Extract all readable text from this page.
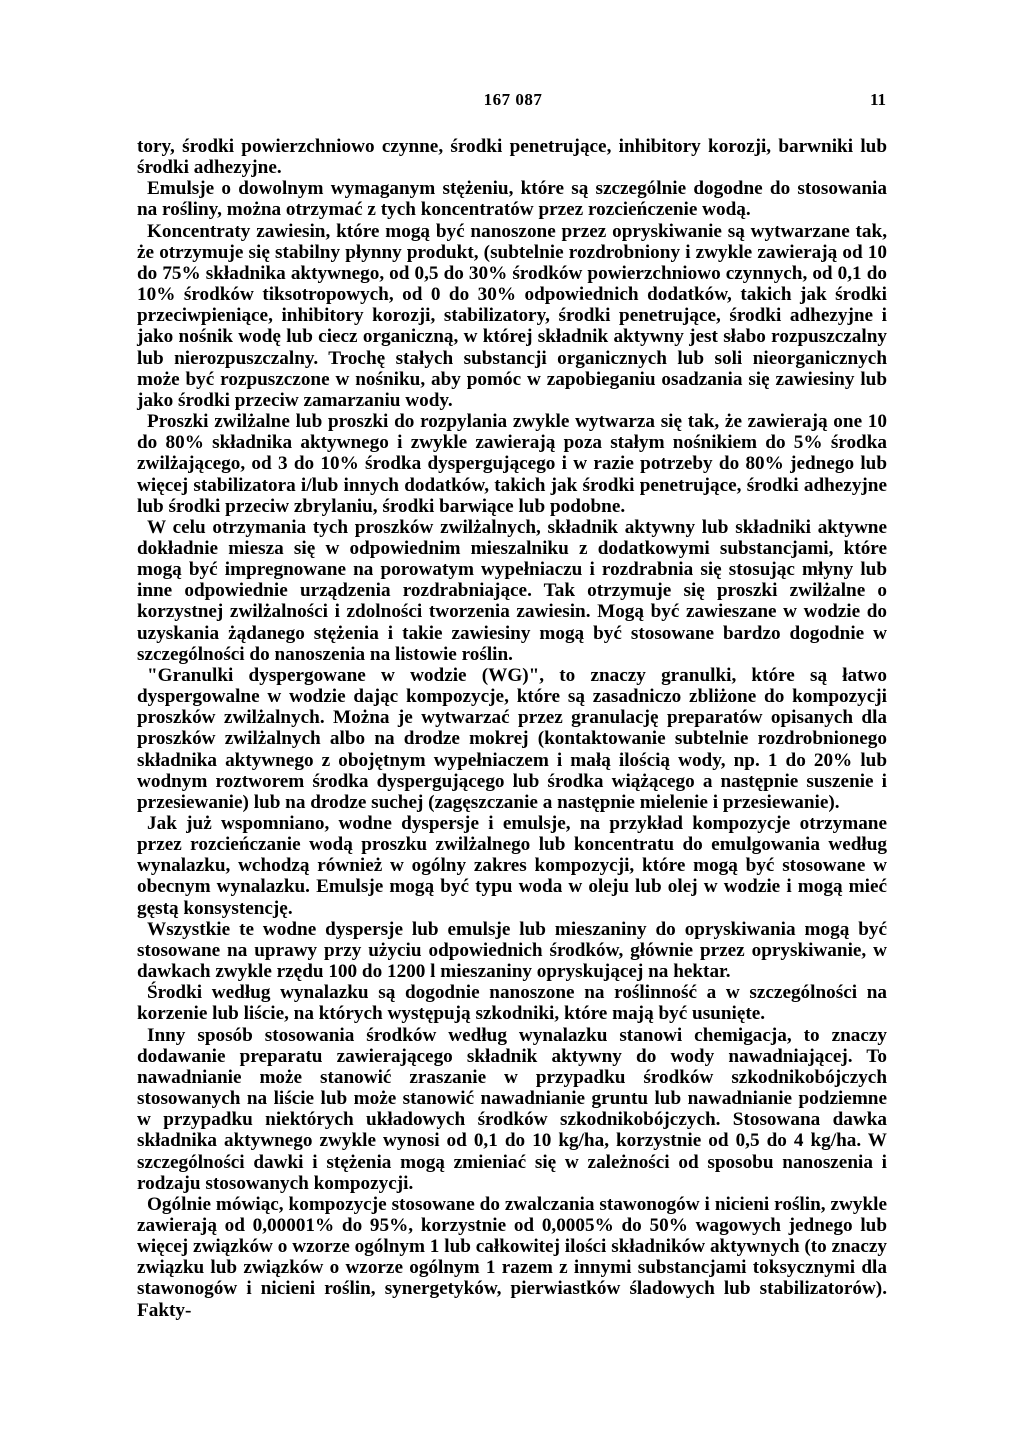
167 087	11

tory, środki powierzchniowo czynne, środki penetrujące, inhibitory korozji, barwniki lub środki adhezyjne.

Emulsje o dowolnym wymaganym stężeniu, które są szczególnie dogodne do stosowania na rośliny, można otrzymać z tych koncentratów przez rozcieńczenie wodą.

Koncentraty zawiesin, które mogą być nanoszone przez opryskiwanie są wytwarzane tak, że otrzymuje się stabilny płynny produkt, (subtelnie rozdrobniony i zwykle zawierają od 10 do 75% składnika aktywnego, od 0,5 do 30% środków powierzchniowo czynnych, od 0,1 do 10% środków tiksotropowych, od 0 do 30% odpowiednich dodatków, takich jak środki przeciwpieniące, inhibitory korozji, stabilizatory, środki penetrujące, środki adhezyjne i jako nośnik wodę lub ciecz organiczną, w której składnik aktywny jest słabo rozpuszczalny lub nierozpuszczalny. Trochę stałych substancji organicznych lub soli nieorganicznych może być rozpuszczone w nośniku, aby pomóc w zapobieganiu osadzania się zawiesiny lub jako środki przeciw zamarzaniu wody.

Proszki zwilżalne lub proszki do rozpylania zwykle wytwarza się tak, że zawierają one 10 do 80% składnika aktywnego i zwykle zawierają poza stałym nośnikiem do 5% środka zwilżającego, od 3 do 10% środka dyspergującego i w razie potrzeby do 80% jednego lub więcej stabilizatora i/lub innych dodatków, takich jak środki penetrujące, środki adhezyjne lub środki przeciw zbrylaniu, środki barwiące lub podobne.

W celu otrzymania tych proszków zwilżalnych, składnik aktywny lub składniki aktywne dokładnie miesza się w odpowiednim mieszalniku z dodatkowymi substancjami, które mogą być impregnowane na porowatym wypełniaczu i rozdrabnia się stosując młyny lub inne odpowiednie urządzenia rozdrabniające. Tak otrzymuje się proszki zwilżalne o korzystnej zwilżalności i zdolności tworzenia zawiesin. Mogą być zawieszane w wodzie do uzyskania żądanego stężenia i takie zawiesiny mogą być stosowane bardzo dogodnie w szczególności do nanoszenia na listowie roślin.

"Granulki dyspergowane w wodzie (WG)", to znaczy granulki, które są łatwo dyspergowalne w wodzie dając kompozycje, które są zasadniczo zbliżone do kompozycji proszków zwilżalnych. Można je wytwarzać przez granulację preparatów opisanych dla proszków zwilżalnych albo na drodze mokrej (kontaktowanie subtelnie rozdrobnionego składnika aktywnego z obojętnym wypełniaczem i małą ilością wody, np. 1 do 20% lub wodnym roztworem środka dyspergującego lub środka wiążącego a następnie suszenie i przesiewanie) lub na drodze suchej (zagęszczanie a następnie mielenie i przesiewanie).

Jak już wspomniano, wodne dyspersje i emulsje, na przykład kompozycje otrzymane przez rozcieńczanie wodą proszku zwilżalnego lub koncentratu do emulgowania według wynalazku, wchodzą również w ogólny zakres kompozycji, które mogą być stosowane w obecnym wynalazku. Emulsje mogą być typu woda w oleju lub olej w wodzie i mogą mieć gęstą konsystencję.

Wszystkie te wodne dyspersje lub emulsje lub mieszaniny do opryskiwania mogą być stosowane na uprawy przy użyciu odpowiednich środków, głównie przez opryskiwanie, w dawkach zwykle rzędu 100 do 1200 l mieszaniny opryskującej na hektar.

Środki według wynalazku są dogodnie nanoszone na roślinność a w szczególności na korzenie lub liście, na których występują szkodniki, które mają być usunięte.

Inny sposób stosowania środków według wynalazku stanowi chemigacja, to znaczy dodawanie preparatu zawierającego składnik aktywny do wody nawadniającej. To nawadnianie może stanowić zraszanie w przypadku środków szkodnikobójczych stosowanych na liście lub może stanowić nawadnianie gruntu lub nawadnianie podziemne w przypadku niektórych układowych środków szkodnikobójczych. Stosowana dawka składnika aktywnego zwykle wynosi od 0,1 do 10 kg/ha, korzystnie od 0,5 do 4 kg/ha. W szczególności dawki i stężenia mogą zmieniać się w zależności od sposobu nanoszenia i rodzaju stosowanych kompozycji.

Ogólnie mówiąc, kompozycje stosowane do zwalczania stawonogów i nicieni roślin, zwykle zawierają od 0,00001% do 95%, korzystnie od 0,0005% do 50% wagowych jednego lub więcej związków o wzorze ogólnym 1 lub całkowitej ilości składników aktywnych (to znaczy związku lub związków o wzorze ogólnym 1 razem z innymi substancjami toksycznymi dla stawonogów i nicieni roślin, synergetyków, pierwiastków śladowych lub stabilizatorów). Fakty-
